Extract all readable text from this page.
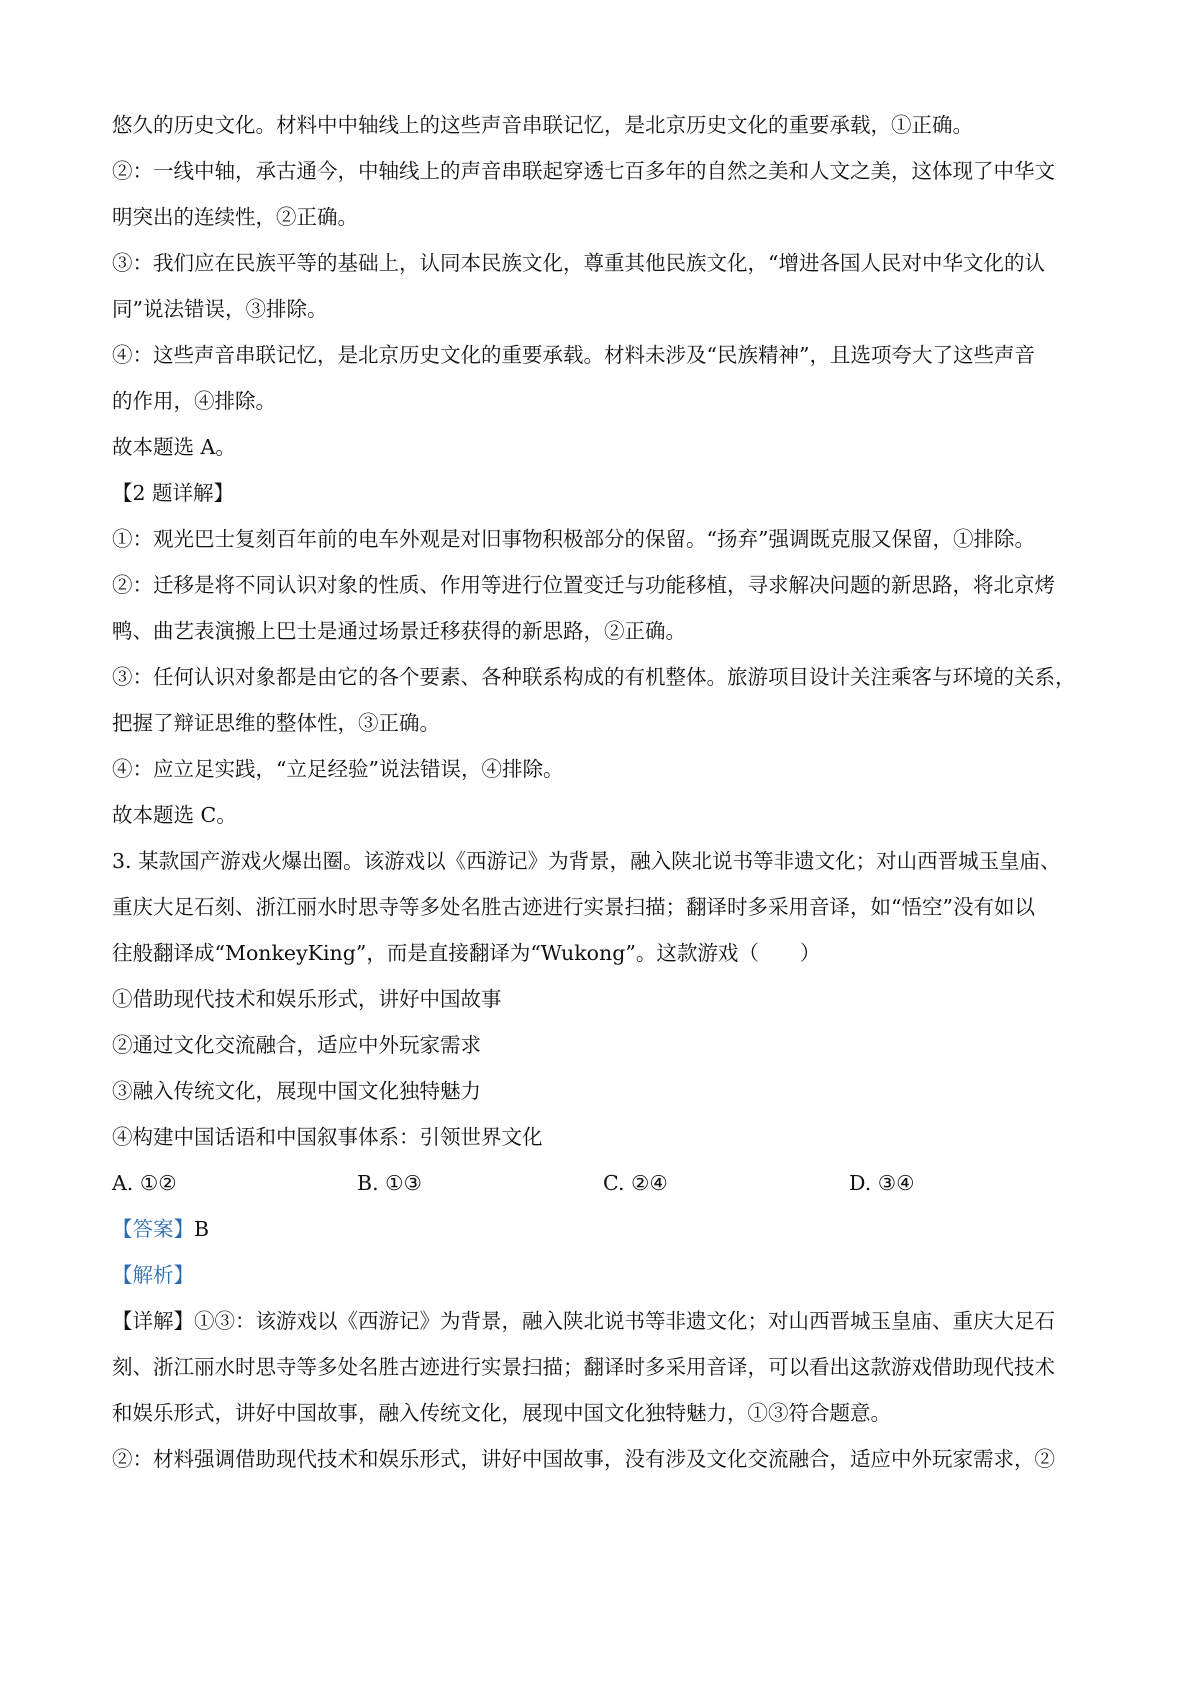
悠久的历史文化。材料中中轴线上的这些声音串联记忆，是北京历史文化的重要承载，①正确。
②：一线中轴，承古通今，中轴线上的声音串联起穿透七百多年的自然之美和人文之美，这体现了中华文
明突出的连续性，②正确。
③：我们应在民族平等的基础上，认同本民族文化，尊重其他民族文化，“增进各国人民对中华文化的认
同”说法错误，③排除。
④：这些声音串联记忆，是北京历史文化的重要承载。材料未涉及“民族精神”，且选项夸大了这些声音
的作用，④排除。
故本题选 A。
【2 题详解】
①：观光巴士复刻百年前的电车外观是对旧事物积极部分的保留。“扬弃”强调既克服又保留，①排除。
②：迁移是将不同认识对象的性质、作用等进行位置变迁与功能移植，寻求解决问题的新思路，将北京烤
鸭、曲艺表演搬上巴士是通过场景迁移获得的新思路，②正确。
③：任何认识对象都是由它的各个要素、各种联系构成的有机整体。旅游项目设计关注乘客与环境的关系，
把握了辩证思维的整体性，③正确。
④：应立足实践，“立足经验”说法错误，④排除。
故本题选 C。
3. 某款国产游戏火爆出圈。该游戏以《西游记》为背景，融入陕北说书等非遗文化；对山西晋城玉皇庙、
重庆大足石刻、浙江丽水时思寺等多处名胜古迹进行实景扫描；翻译时多采用音译，如“悟空”没有如以
往般翻译成“MonkeyKing”，而是直接翻译为“Wukong”。这款游戏（　　）
①借助现代技术和娱乐形式，讲好中国故事
②通过文化交流融合，适应中外玩家需求
③融入传统文化，展现中国文化独特魅力
④构建中国话语和中国叙事体系：引领世界文化
A. ①②	B. ①③	C. ②④	D. ③④
【答案】B
【解析】
【详解】①③：该游戏以《西游记》为背景，融入陕北说书等非遗文化；对山西晋城玉皇庙、重庆大足石
刻、浙江丽水时思寺等多处名胜古迹进行实景扫描；翻译时多采用音译，可以看出这款游戏借助现代技术
和娱乐形式，讲好中国故事，融入传统文化，展现中国文化独特魅力，①③符合题意。
②：材料强调借助现代技术和娱乐形式，讲好中国故事，没有涉及文化交流融合，适应中外玩家需求，②
